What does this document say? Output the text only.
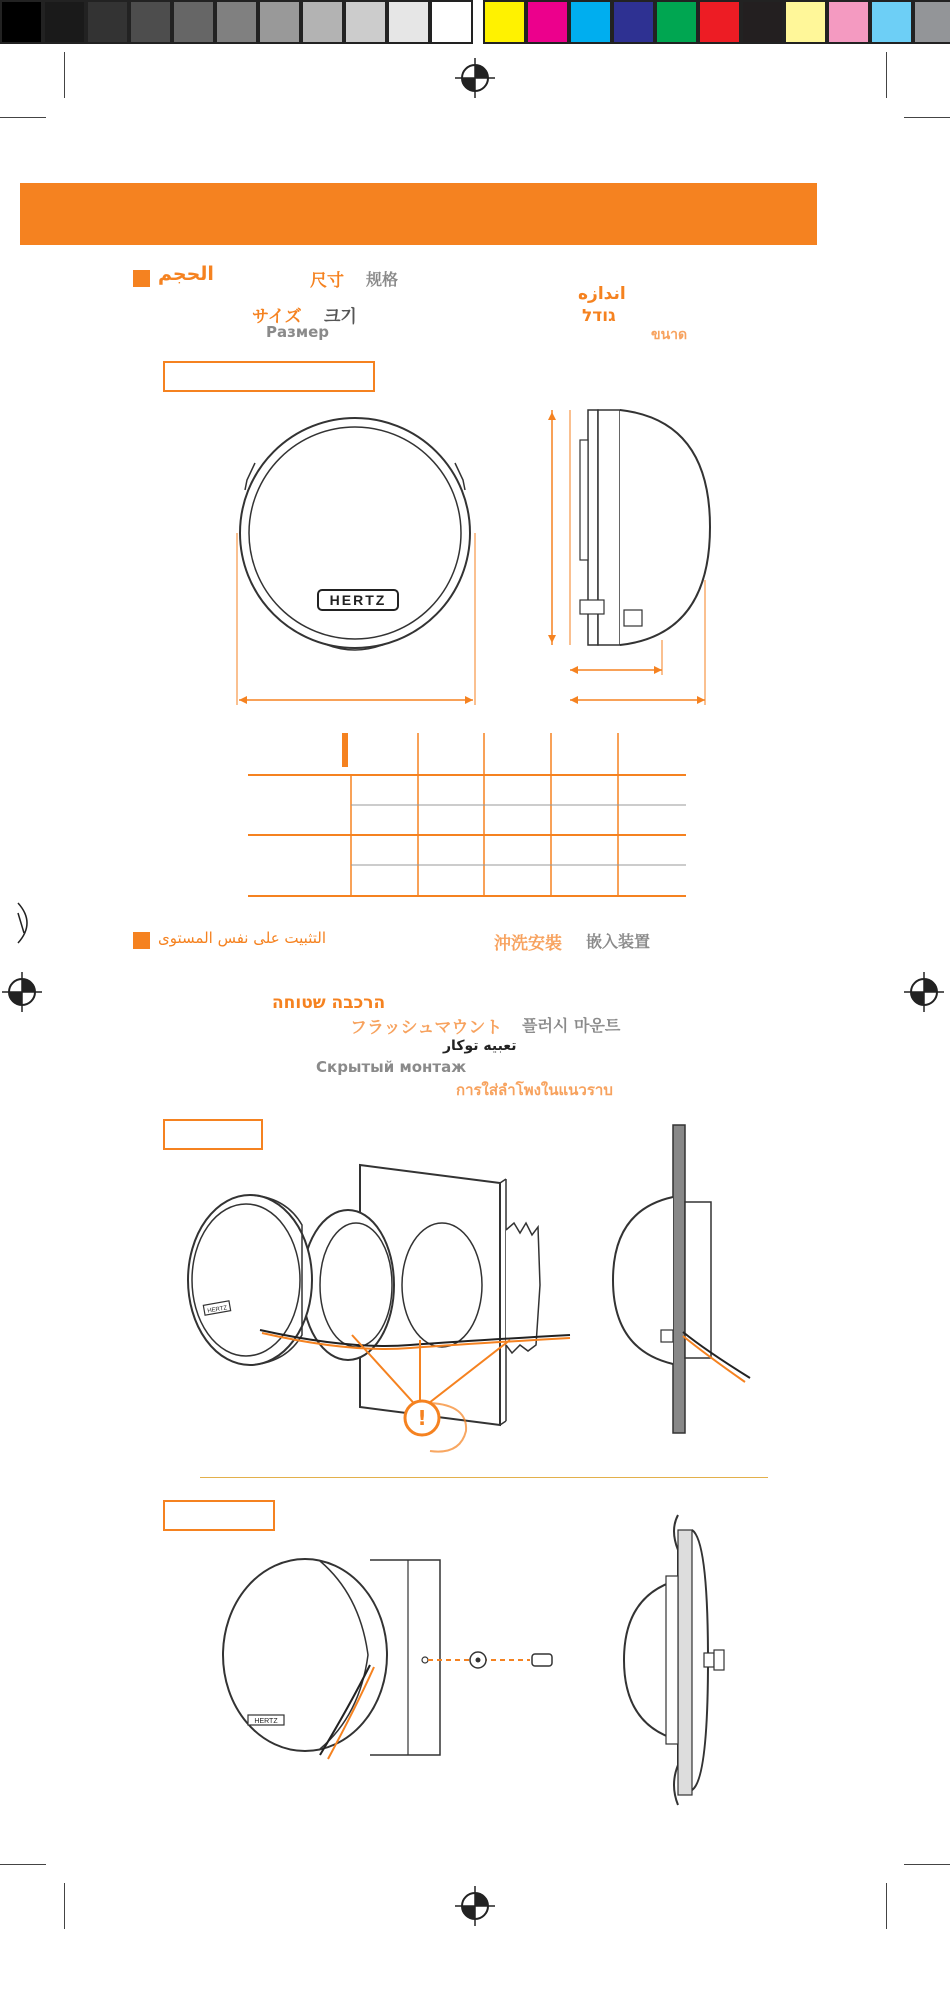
الحجم	尺寸 规格
اندازه
גודל
サイズ 크기
Размер	ขนาด
HERTZ
التثبيت على نفس المستوى	沖洗安裝 嵌入装置
הרכבה שטוחה
フラッシュマウント 플러시 마운트
تعبیه توکار
Скрытый монтаж
การใส่ลำโพงในแนวราบ
HERTZ
!
HERTZ
